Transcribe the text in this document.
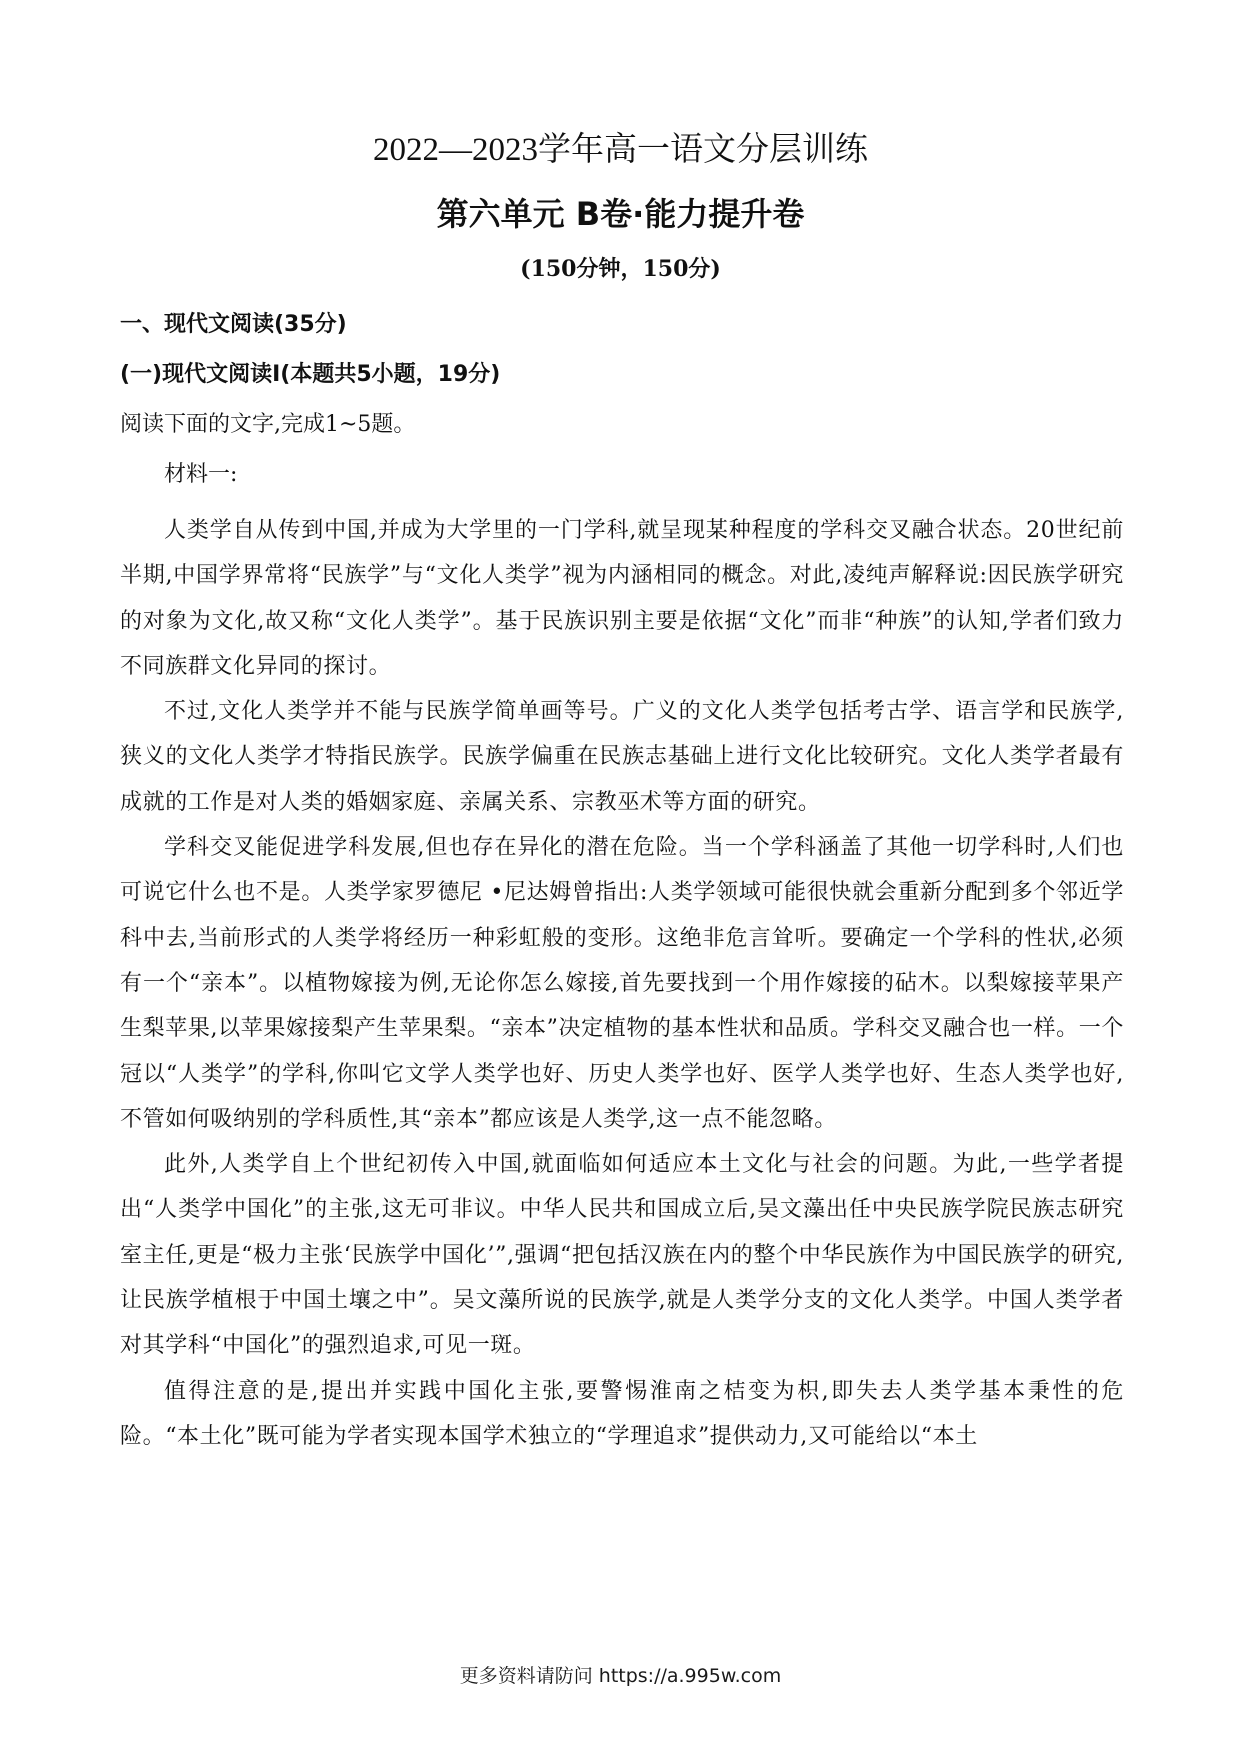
2022—2023学年高一语文分层训练
第六单元 B卷·能力提升卷
(150分钟，150分)
一、现代文阅读(35分)
(一)现代文阅读Ⅰ(本题共5小题，19分)
阅读下面的文字,完成1~5题。
材料一:

人类学自从传到中国,并成为大学里的一门学科,就呈现某种程度的学科交叉融合状态。20世纪前半期,中国学界常将“民族学”与“文化人类学”视为内涵相同的概念。对此,凌纯声解释说:因民族学研究的对象为文化,故又称“文化人类学”。基于民族识别主要是依据“文化”而非“种族”的认知,学者们致力不同族群文化异同的探讨。

不过,文化人类学并不能与民族学简单画等号。广义的文化人类学包括考古学、语言学和民族学,狭义的文化人类学才特指民族学。民族学偏重在民族志基础上进行文化比较研究。文化人类学者最有成就的工作是对人类的婚姻家庭、亲属关系、宗教巫术等方面的研究。

学科交叉能促进学科发展,但也存在异化的潜在危险。当一个学科涵盖了其他一切学科时,人们也可说它什么也不是。人类学家罗德尼 •尼达姆曾指出:人类学领域可能很快就会重新分配到多个邻近学科中去,当前形式的人类学将经历一种彩虹般的变形。这绝非危言耸听。要确定一个学科的性状,必须有一个“亲本”。以植物嫁接为例,无论你怎么嫁接,首先要找到一个用作嫁接的砧木。以梨嫁接苹果产生梨苹果,以苹果嫁接梨产生苹果梨。“亲本”决定植物的基本性状和品质。学科交叉融合也一样。一个冠以“人类学”的学科,你叫它文学人类学也好、历史人类学也好、医学人类学也好、生态人类学也好,不管如何吸纳别的学科质性,其“亲本”都应该是人类学,这一点不能忽略。

此外,人类学自上个世纪初传入中国,就面临如何适应本土文化与社会的问题。为此,一些学者提出“人类学中国化”的主张,这无可非议。中华人民共和国成立后,吴文藻出任中央民族学院民族志研究室主任,更是“极力主张‘民族学中国化’”,强调“把包括汉族在内的整个中华民族作为中国民族学的研究,让民族学植根于中国土壤之中”。吴文藻所说的民族学,就是人类学分支的文化人类学。中国人类学者对其学科“中国化”的强烈追求,可见一斑。

值得注意的是,提出并实践中国化主张,要警惕淮南之桔变为枳,即失去人类学基本秉性的危险。“本土化”既可能为学者实现本国学术独立的“学理追求”提供动力,又可能给以“本土

更多资料请防问 https://a.995w.com
